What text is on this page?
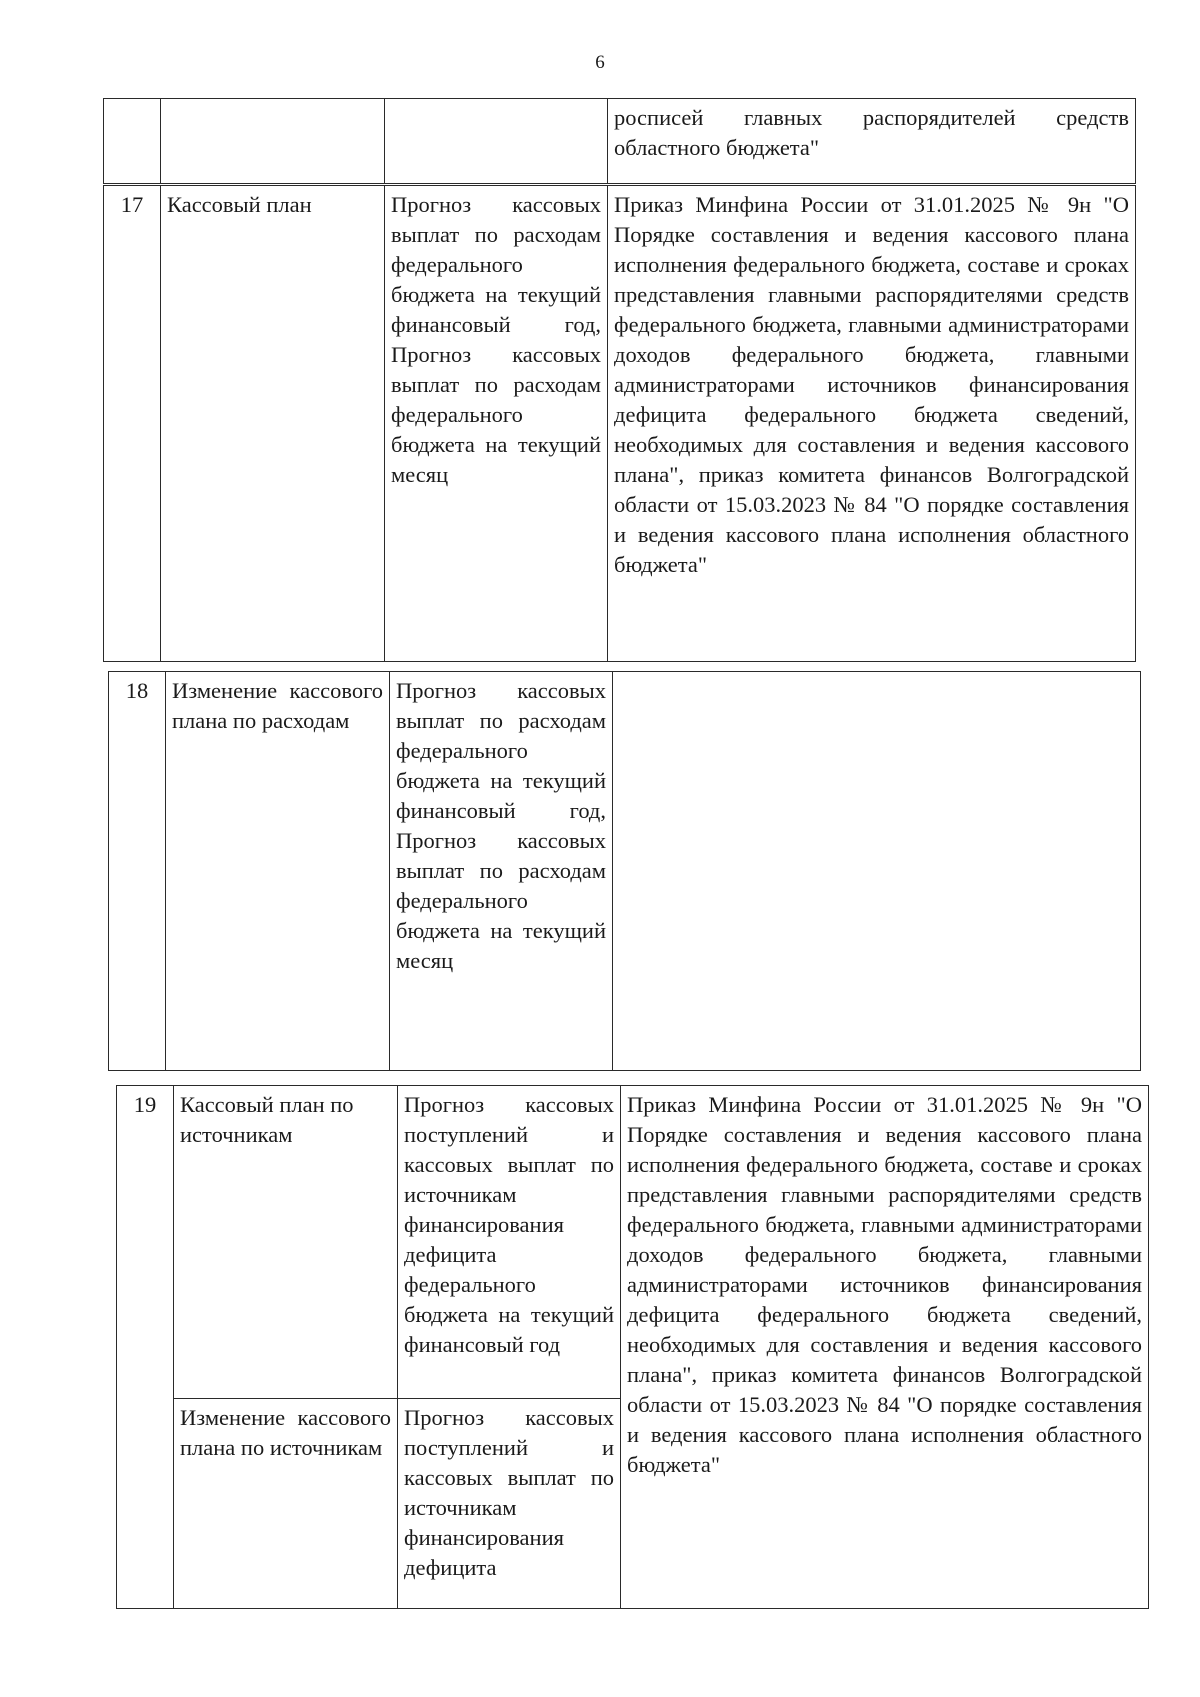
6
			росписей главных распорядителей средств областного бюджета"
17	Кассовый план	Прогноз кассовых выплат по расходам федерального бюджета на текущий финансовый год, Прогноз кассовых выплат по расходам федерального бюджета на текущий месяц	Приказ Минфина России от 31.01.2025 № 9н "О Порядке составления и ведения кассового плана исполнения федерального бюджета, составе и сроках представления главными распорядителями средств федерального бюджета, главными администраторами доходов федерального бюджета, главными администраторами источников финансирования дефицита федерального бюджета сведений, необходимых для составления и ведения кассового плана", приказ комитета финансов Волгоградской области от 15.03.2023 № 84 "О порядке составления и ведения кассового плана исполнения областного бюджета"
18	Изменение кассового плана по расходам	Прогноз кассовых выплат по расходам федерального бюджета на текущий финансовый год, Прогноз кассовых выплат по расходам федерального бюджета на текущий месяц	
19	Кассовый план по источникам	Прогноз кассовых поступлений и кассовых выплат по источникам финансирования дефицита федерального бюджета на текущий финансовый год	Приказ Минфина России от 31.01.2025 № 9н "О Порядке составления и ведения кассового плана исполнения федерального бюджета, составе и сроках представления главными распорядителями средств федерального бюджета, главными администраторами доходов федерального бюджета, главными администраторами источников финансирования дефицита федерального бюджета сведений, необходимых для составления и ведения кассового плана", приказ комитета финансов Волгоградской области от 15.03.2023 № 84 "О порядке составления и ведения кассового плана исполнения областного бюджета"
	Изменение кассового плана по источникам	Прогноз кассовых поступлений и кассовых выплат по источникам финансирования дефицита	
